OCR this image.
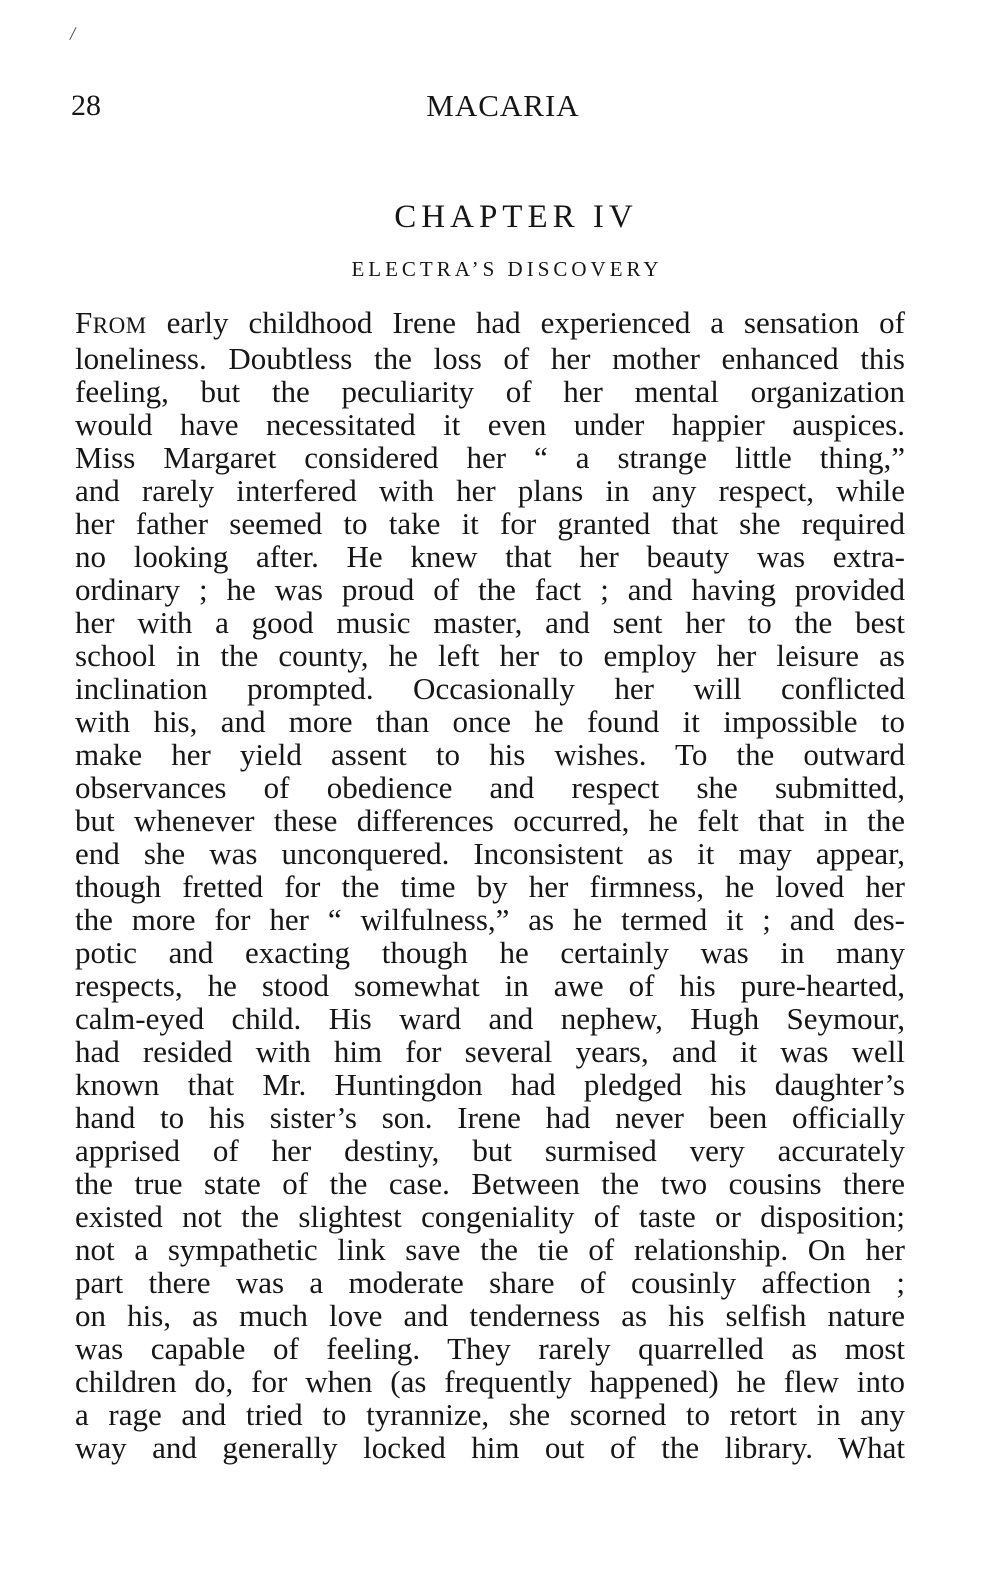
/
28	MACARIA
CHAPTER IV
ELECTRA’S DISCOVERY
FROM early childhood Irene had experienced a sensation of
loneliness. Doubtless the loss of her mother enhanced this
feeling, but the peculiarity of her mental organization
would have necessitated it even under happier auspices.
Miss Margaret considered her “ a strange little thing,”
and rarely interfered with her plans in any respect, while
her father seemed to take it for granted that she required
no looking after. He knew that her beauty was extra-
ordinary ; he was proud of the fact ; and having provided
her with a good music master, and sent her to the best
school in the county, he left her to employ her leisure as
inclination prompted. Occasionally her will conflicted
with his, and more than once he found it impossible to
make her yield assent to his wishes. To the outward
observances of obedience and respect she submitted,
but whenever these differences occurred, he felt that in the
end she was unconquered. Inconsistent as it may appear,
though fretted for the time by her firmness, he loved her
the more for her “ wilfulness,” as he termed it ; and des-
potic and exacting though he certainly was in many
respects, he stood somewhat in awe of his pure-hearted,
calm-eyed child. His ward and nephew, Hugh Seymour,
had resided with him for several years, and it was well
known that Mr. Huntingdon had pledged his daughter’s
hand to his sister’s son. Irene had never been officially
apprised of her destiny, but surmised very accurately
the true state of the case. Between the two cousins there
existed not the slightest congeniality of taste or disposition;
not a sympathetic link save the tie of relationship. On her
part there was a moderate share of cousinly affection ;
on his, as much love and tenderness as his selfish nature
was capable of feeling. They rarely quarrelled as most
children do, for when (as frequently happened) he flew into
a rage and tried to tyrannize, she scorned to retort in any
way and generally locked him out of the library. What
